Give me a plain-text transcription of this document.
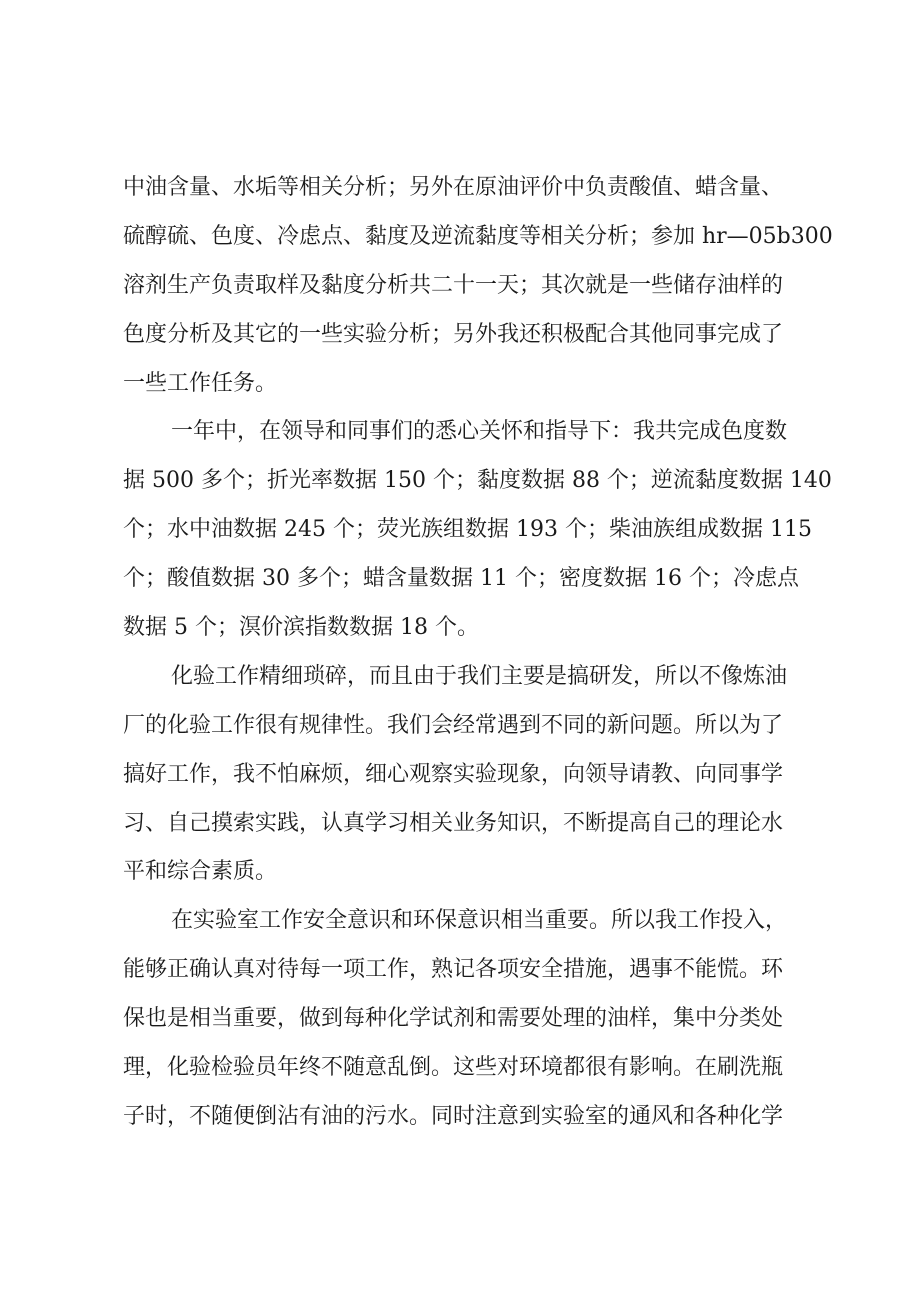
中油含量、水垢等相关分析；另外在原油评价中负责酸值、蜡含量、
硫醇硫、色度、冷虑点、黏度及逆流黏度等相关分析；参加 hr—05b300
溶剂生产负责取样及黏度分析共二十一天；其次就是一些储存油样的
色度分析及其它的一些实验分析；另外我还积极配合其他同事完成了
一些工作任务。
一年中，在领导和同事们的悉心关怀和指导下：我共完成色度数
据 500 多个；折光率数据 150 个；黏度数据 88 个；逆流黏度数据 140
个；水中油数据 245 个；荧光族组数据 193 个；柴油族组成数据 115
个；酸值数据 30 多个；蜡含量数据 11 个；密度数据 16 个；冷虑点
数据 5 个；溟价滨指数数据 18 个。
化验工作精细琐碎，而且由于我们主要是搞研发，所以不像炼油
厂的化验工作很有规律性。我们会经常遇到不同的新问题。所以为了
搞好工作，我不怕麻烦，细心观察实验现象，向领导请教、向同事学
习、自己摸索实践，认真学习相关业务知识，不断提高自己的理论水
平和综合素质。
在实验室工作安全意识和环保意识相当重要。所以我工作投入，
能够正确认真对待每一项工作，熟记各项安全措施，遇事不能慌。环
保也是相当重要，做到每种化学试剂和需要处理的油样，集中分类处
理，化验检验员年终不随意乱倒。这些对环境都很有影响。在刷洗瓶
子时，不随便倒沾有油的污水。同时注意到实验室的通风和各种化学
